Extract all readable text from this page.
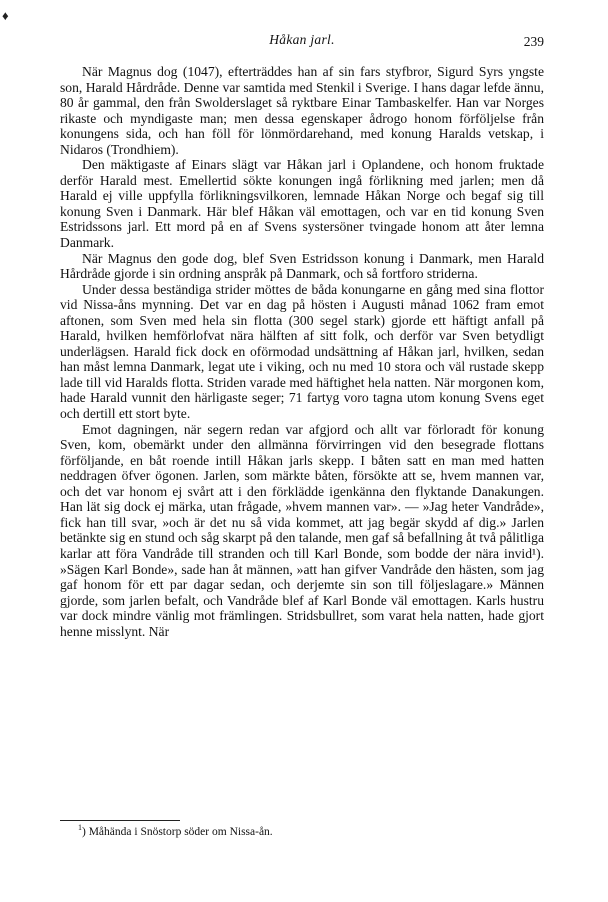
♦
Håkan jarl.	239

När Magnus dog (1047), efterträddes han af sin fars styfbror, Sigurd Syrs yngste son, Harald Hårdråde. Denne var samtida med Stenkil i Sverige. I hans dagar lefde ännu, 80 år gammal, den från Swolderslaget så ryktbare Einar Tambaskelfer. Han var Norges rikaste och myndigaste man; men dessa egenskaper ådrogo honom förföljelse från konungens sida, och han föll för lönmördarehand, med konung Haralds vetskap, i Nidaros (Trondhiem).

Den mäktigaste af Einars slägt var Håkan jarl i Oplandene, och honom fruktade derför Harald mest. Emellertid sökte konungen ingå förlikning med jarlen; men då Harald ej ville uppfylla förlikningsvilkoren, lemnade Håkan Norge och begaf sig till konung Sven i Danmark. Här blef Håkan väl emottagen, och var en tid konung Sven Estridssons jarl. Ett mord på en af Svens systersöner tvingade honom att åter lemna Danmark.

När Magnus den gode dog, blef Sven Estridsson konung i Danmark, men Harald Hårdråde gjorde i sin ordning anspråk på Danmark, och så fortforo striderna.

Under dessa beständiga strider möttes de båda konungarne en gång med sina flottor vid Nissa-åns mynning. Det var en dag på hösten i Augusti månad 1062 fram emot aftonen, som Sven med hela sin flotta (300 segel stark) gjorde ett häftigt anfall på Harald, hvilken hemförlofvat nära hälften af sitt folk, och derför var Sven betydligt underlägsen. Harald fick dock en oförmodad undsättning af Håkan jarl, hvilken, sedan han måst lemna Danmark, legat ute i viking, och nu med 10 stora och väl rustade skepp lade till vid Haralds flotta. Striden varade med häftighet hela natten. När morgonen kom, hade Harald vunnit den härligaste seger; 71 fartyg voro tagna utom konung Svens eget och dertill ett stort byte.

Emot dagningen, när segern redan var afgjord och allt var förloradt för konung Sven, kom, obemärkt under den allmänna förvirringen vid den besegrade flottans förföljande, en båt roende intill Håkan jarls skepp. I båten satt en man med hatten neddragen öfver ögonen. Jarlen, som märkte båten, försökte att se, hvem mannen var, och det var honom ej svårt att i den förklädde igenkänna den flyktande Danakungen. Han lät sig dock ej märka, utan frågade, »hvem mannen var». — »Jag heter Vandråde», fick han till svar, »och är det nu så vida kommet, att jag begär skydd af dig.» Jarlen betänkte sig en stund och såg skarpt på den talande, men gaf så befallning åt två pålitliga karlar att föra Vandråde till stranden och till Karl Bonde, som bodde der nära invid¹). »Sägen Karl Bonde», sade han åt männen, »att han gifver Vandråde den hästen, som jag gaf honom för ett par dagar sedan, och derjemte sin son till följeslagare.» Männen gjorde, som jarlen befalt, och Vandråde blef af Karl Bonde väl emottagen. Karls hustru var dock mindre vänlig mot främlingen. Stridsbullret, som varat hela natten, hade gjort henne misslynt. När

$^1$) Måhända i Snöstorp söder om Nissa-ån.
